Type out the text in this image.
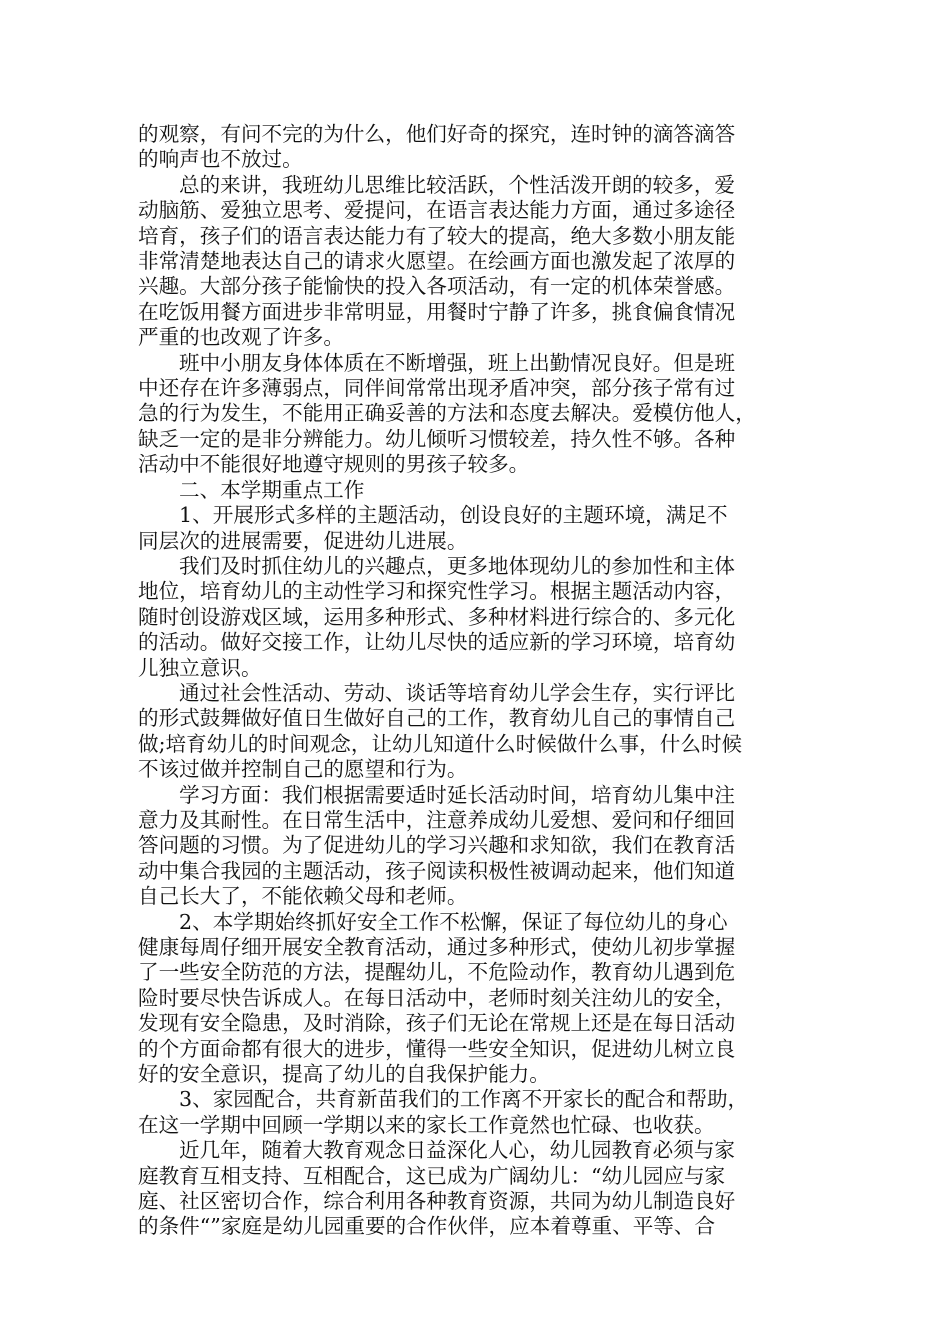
的观察，有问不完的为什么，他们好奇的探究，连时钟的滴答滴答
的响声也不放过。

总的来讲，我班幼儿思维比较活跃，个性活泼开朗的较多，爱
动脑筋、爱独立思考、爱提问，在语言表达能力方面，通过多途径
培育，孩子们的语言表达能力有了较大的提高，绝大多数小朋友能
非常清楚地表达自己的请求火愿望。在绘画方面也激发起了浓厚的
兴趣。大部分孩子能愉快的投入各项活动，有一定的机体荣誉感。
在吃饭用餐方面进步非常明显，用餐时宁静了许多，挑食偏食情况
严重的也改观了许多。

班中小朋友身体体质在不断增强，班上出勤情况良好。但是班
中还存在许多薄弱点，同伴间常常出现矛盾冲突，部分孩子常有过
急的行为发生，不能用正确妥善的方法和态度去解决。爱模仿他人，
缺乏一定的是非分辨能力。幼儿倾听习惯较差，持久性不够。各种
活动中不能很好地遵守规则的男孩子较多。

二、本学期重点工作

1、开展形式多样的主题活动，创设良好的主题环境，满足不
同层次的进展需要，促进幼儿进展。

我们及时抓住幼儿的兴趣点，更多地体现幼儿的参加性和主体
地位，培育幼儿的主动性学习和探究性学习。根据主题活动内容，
随时创设游戏区域，运用多种形式、多种材料进行综合的、多元化
的活动。做好交接工作，让幼儿尽快的适应新的学习环境，培育幼
儿独立意识。

通过社会性活动、劳动、谈话等培育幼儿学会生存，实行评比
的形式鼓舞做好值日生做好自己的工作，教育幼儿自己的事情自己
做;培育幼儿的时间观念，让幼儿知道什么时候做什么事，什么时候
不该过做并控制自己的愿望和行为。

学习方面：我们根据需要适时延长活动时间，培育幼儿集中注
意力及其耐性。在日常生活中，注意养成幼儿爱想、爱问和仔细回
答问题的习惯。为了促进幼儿的学习兴趣和求知欲，我们在教育活
动中集合我园的主题活动，孩子阅读积极性被调动起来，他们知道
自己长大了，不能依赖父母和老师。

2、本学期始终抓好安全工作不松懈，保证了每位幼儿的身心
健康每周仔细开展安全教育活动，通过多种形式，使幼儿初步掌握
了一些安全防范的方法，提醒幼儿，不危险动作，教育幼儿遇到危
险时要尽快告诉成人。在每日活动中，老师时刻关注幼儿的安全，
发现有安全隐患，及时消除，孩子们无论在常规上还是在每日活动
的个方面命都有很大的进步，懂得一些安全知识，促进幼儿树立良
好的安全意识，提高了幼儿的自我保护能力。

3、家园配合，共育新苗我们的工作离不开家长的配合和帮助，
在这一学期中回顾一学期以来的家长工作竟然也忙碌、也收获。

近几年，随着大教育观念日益深化人心，幼儿园教育必须与家
庭教育互相支持、互相配合，这已成为广阔幼儿：“幼儿园应与家
庭、社区密切合作，综合利用各种教育资源，共同为幼儿制造良好
的条件“”家庭是幼儿园重要的合作伙伴，应本着尊重、平等、合
